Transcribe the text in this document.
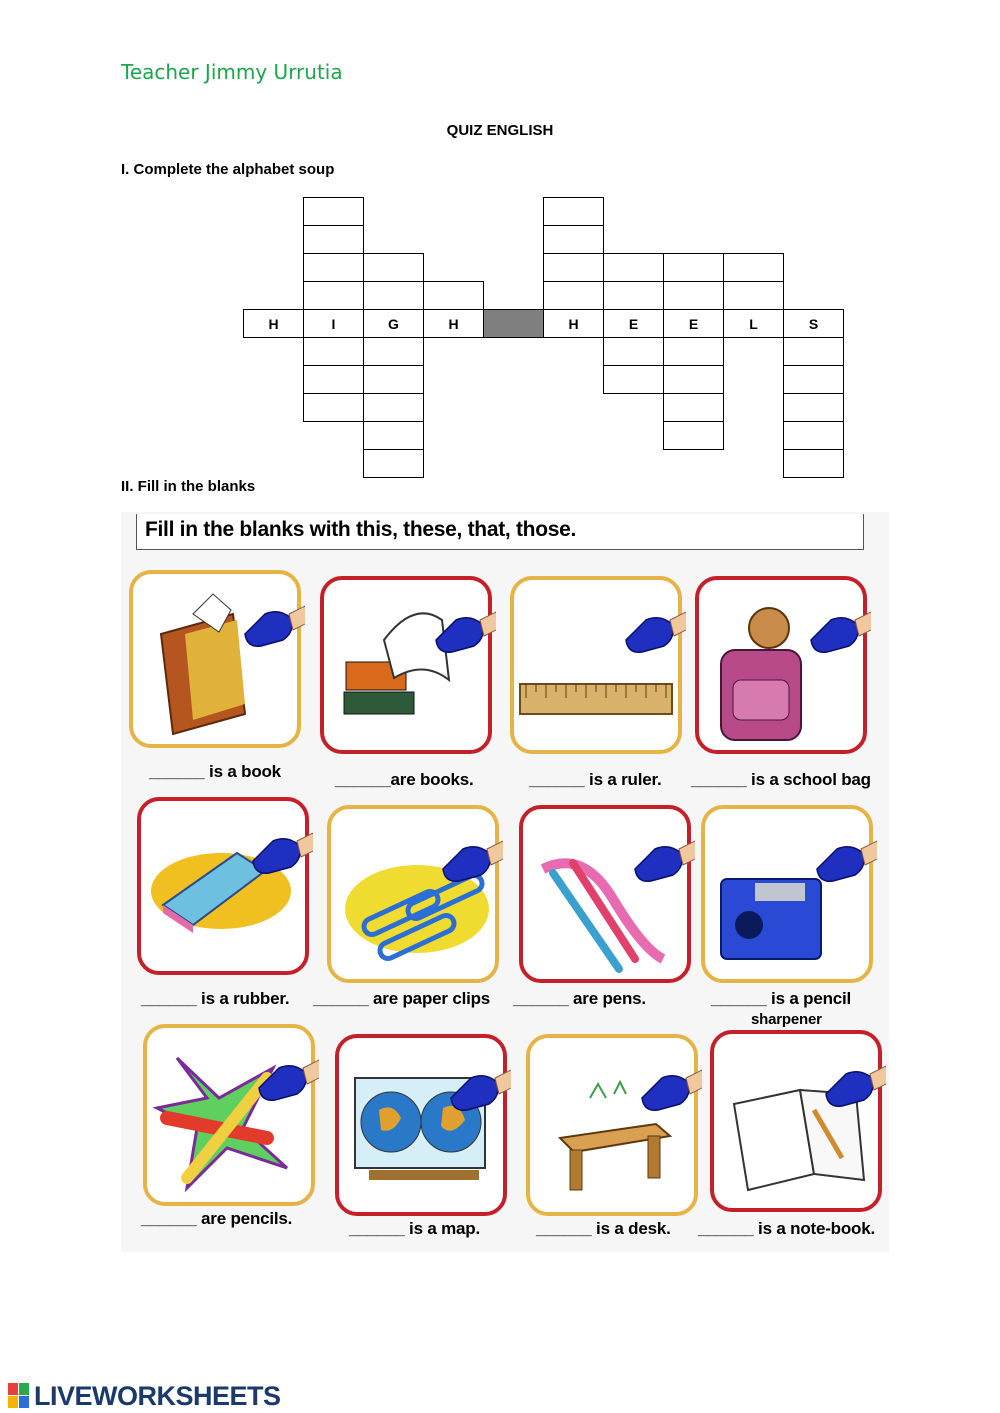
Teacher Jimmy Urrutia
QUIZ ENGLISH
I. Complete the alphabet soup
H	I	G	H	H	E	E	L	S
II. Fill in the blanks
Fill in the blanks with this, these, that, those.
______ is a book	______are books.	______ is a ruler. ______ is a school bag
______ is a rubber. ______ are paper clips ______ are pens.	______ is a pencil
sharpener
______ are pencils.
______ is a map.	______ is a desk. ______ is a note-book.
LIVEWORKSHEETS
